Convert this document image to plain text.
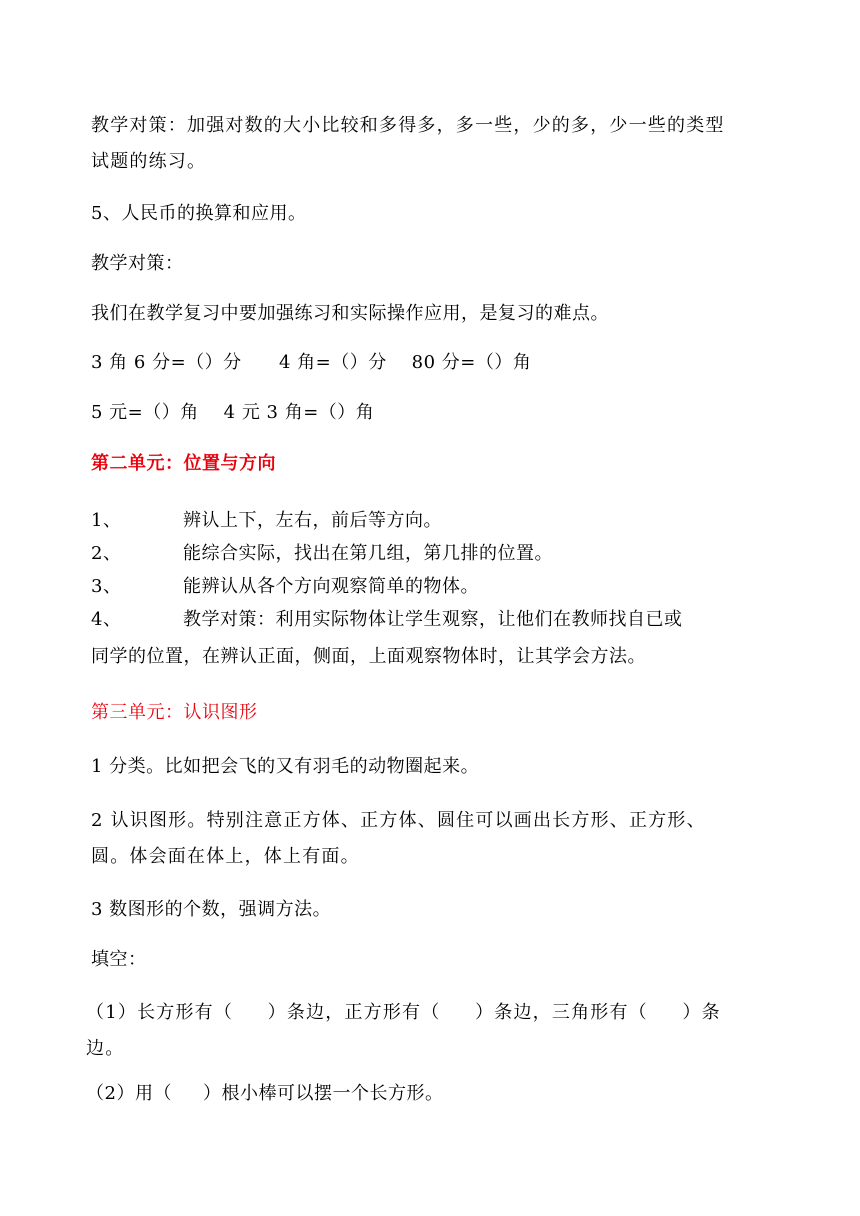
教学对策：加强对数的大小比较和多得多，多一些，少的多，少一些的类型试题的练习。
5、人民币的换算和应用。
教学对策：
我们在教学复习中要加强练习和实际操作应用，是复习的难点。
3 角 6 分=（）分      4 角=（）分    80 分=（）角
5 元=（）角    4 元 3 角=（）角
第二单元：位置与方向
1、	辨认上下，左右，前后等方向。
2、	能综合实际，找出在第几组，第几排的位置。
3、	能辨认从各个方向观察简单的物体。
4、	教学对策：利用实际物体让学生观察，让他们在教师找自已或
同学的位置，在辨认正面，侧面，上面观察物体时，让其学会方法。
第三单元：认识图形
1 分类。比如把会飞的又有羽毛的动物圈起来。
2 认识图形。特别注意正方体、正方体、圆住可以画出长方形、正方形、圆。体会面在体上，体上有面。
3 数图形的个数，强调方法。
填空：
（1）长方形有（     ）条边，正方形有（     ）条边，三角形有（     ）条边。
（2）用（     ）根小棒可以摆一个长方形。
